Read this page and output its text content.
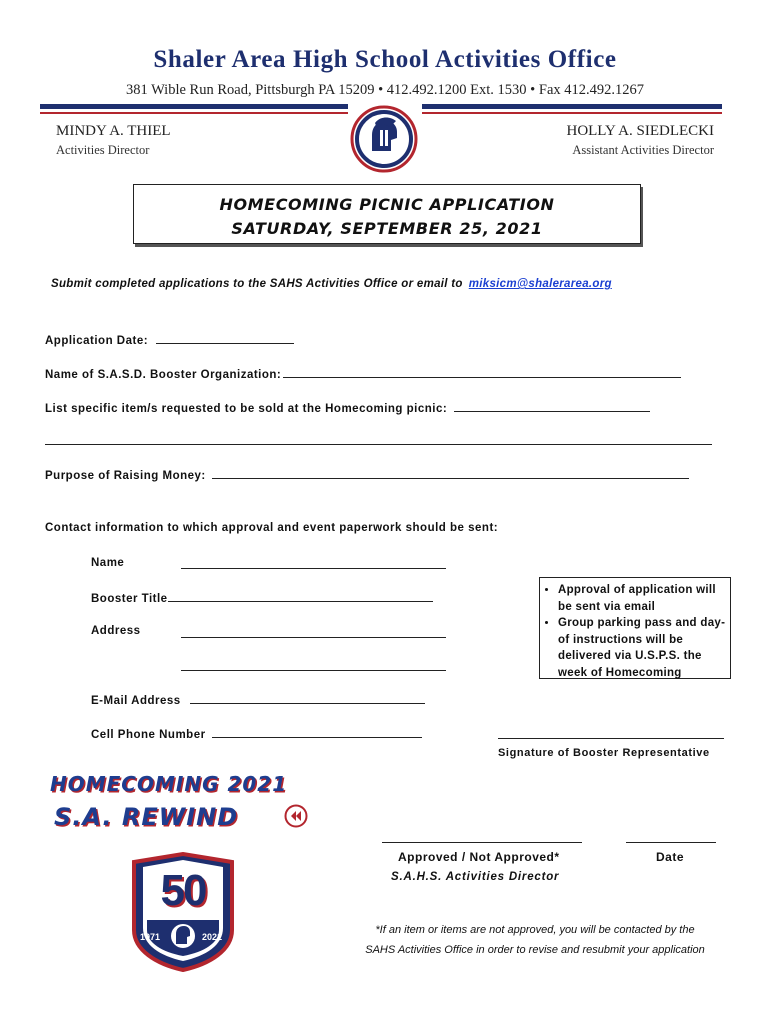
Shaler Area High School Activities Office
381 Wible Run Road, Pittsburgh PA 15209 • 412.492.1200 Ext. 1530 • Fax 412.492.1267
MINDY A. THIEL
Activities Director
HOLLY A. SIEDLECKI
Assistant Activities Director
HOMECOMING PICNIC APPLICATION
SATURDAY, SEPTEMBER 25, 2021
Submit completed applications to the SAHS Activities Office or email to miksicm@shalerarea.org
Application Date:
Name of S.A.S.D. Booster Organization:
List specific item/s requested to be sold at the Homecoming picnic:
Purpose of Raising Money:
Contact information to which approval and event paperwork should be sent:
Name
Booster Title
Address
E-Mail Address
Cell Phone Number
• Approval of application will be sent via email
• Group parking pass and day-of instructions will be delivered via U.S.P.S. the week of Homecoming
Signature of Booster Representative
HOMECOMING 2021
S.A. REWIND
50
1971	2021
Approved / Not Approved*	Date
S.A.H.S. Activities Director
*If an item or items are not approved, you will be contacted by the
SAHS Activities Office in order to revise and resubmit your application
